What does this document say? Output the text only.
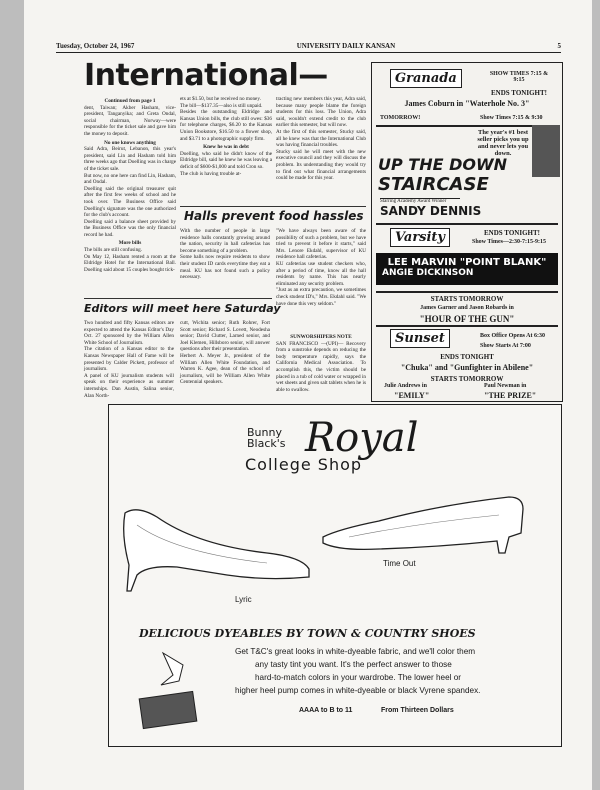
Tuesday, October 24, 1967	UNIVERSITY DAILY KANSAN	5
International—
Continued from page 1
dent, Taiwan; Akber Hasham, vice-president, Tanganyika; and Greta Ondal, social chairman, Norway—were responsible for the ticket sale and gave him the money to deposit.
No one knows anything
Said Adra, Beirut, Lebanon, this year's president, said Lin and Hasham told him three weeks ago that Doelling was in charge of the ticket sale.
But now, no one here can find Lin, Hasham, and Ondal.
Doelling said the original treasurer quit after the first few weeks of school and he took over. The Business Office said Doelling's signature was the one authorized for the club's account.
Doelling said a balance sheet provided by the Business Office was the only financial record he had.
More bills
The bills are still confusing.
On May 12, Hasham rented a room at the Eldridge Hotel for the International Ball. Doelling said about 15 couples bought tick-
ets at $1.50, but he received no money.
The bill—$137.35—also is still unpaid.
Besides the outstanding Eldridge and Kansas Union bills, the club still owes: $36 for telephone charges, $6.20 to the Kansas Union Bookstore, $16.50 to a flower shop, and $3.71 to a photographic supply firm.
Knew he was in debt
Doelling, who said he didn't know of the Eldridge bill, said he knew he was leaving a deficit of $600-$1,000 and told Cron so.
The club is having trouble at-
tracting new members this year, Adra said, because many people blame the foreign students for this loss. The Union, Adra said, wouldn't extend credit to the club earlier this semester, but will now.
At the first of this semester, Stucky said, all he knew was that the International Club was having financial troubles.
Stucky said he will meet with the new executive council and they will discuss the problem. Its understanding they would try to find out what financial arrangements could be made for this year.
Halls prevent food hassles
With the number of people in large residence halls constantly growing around the nation, security in hall cafeterias has become something of a problem.
Some halls now require residents to show their student ID cards everytime they eat a meal. KU has not found such a policy necessary.
"We have always been aware of the possibility of such a problem, but we have tried to prevent it before it starts," said Mrs. Lenore Ekdahl, supervisor of KU residence hall cafeterias.
KU cafeterias use student checkers who, after a period of time, know all the hall residents by name. This has nearly eliminated any security problem.
"Just as an extra precaution, we sometimes check student ID's," Mrs. Ekdahl said. "We have done this very seldom."
Editors will meet here Saturday
Two hundred and fifty Kansas editors are expected to attend the Kansas Editor's Day Oct. 27 sponsored by the William Allen White School of Journalism.
The citation of a Kansas editor to the Kansas Newspaper Hall of Fame will be presented by Calder Pickett, professor of journalism.
A panel of KU journalism students will speak on their experience as summer internships. Dan Austin, Salina senior, Alan North-
cutt, Wichita senior; Ruth Rohrer, Fort Scott senior; Richard S. Lovett, Neodesha senior; David Clutter, Larned senior, and Joel Klemen, Hillsboro senior, will answer questions after their presentation.
Herbert A. Meyer Jr., president of the William Allen White Foundation, and Warren K. Agee, dean of the school of journalism, will be William Allen White Centennial speakers.
SUNWORSHIPERS NOTE
SAN FRANCISCO —(UPI)— Recovery from a sunstroke depends on reducing the body temperature rapidly, says the California Medical Association. To accomplish this, the victim should be placed in a tub of cold water or wrapped in wet sheets and given salt tablets when he is able to swallow.
Granada	SHOW TIMES 7:15 & 9:15
ENDS TONIGHT!
James Coburn in "Waterhole No. 3"
TOMORROW!	Show Times 7:15 & 9:30
The year's #1 best seller picks you up and never lets you down.
UP THE DOWN
STAIRCASE
Starring Academy Award Winner
SANDY DENNIS
Varsity	ENDS TONIGHT!
Show Times—2:30-7:15-9:15
LEE MARVIN "POINT BLANK"
ANGIE DICKINSON
STARTS TOMORROW
James Garner and Jason Robards in
"HOUR OF THE GUN"
Sunset	Box Office Opens At 6:30
Show Starts At 7:00
ENDS TONIGHT
"Chuka" and "Gunfighter in Abilene"
STARTS TOMORROW
Julie Andrews in	Paul Newman in
"EMILY"	"THE PRIZE"
Bunny
Black's Royal
College Shop
Lyric
Time Out
DELICIOUS DYEABLES BY TOWN & COUNTRY SHOES
Get T&C's great looks in white-dyeable fabric, and we'll color them
any tasty tint you want. It's the perfect answer to those
hard-to-match colors in your wardrobe. The lower heel or
higher heel pump comes in white-dyeable or black Vyrene spandex.
AAAA to B to 11	From Thirteen Dollars
